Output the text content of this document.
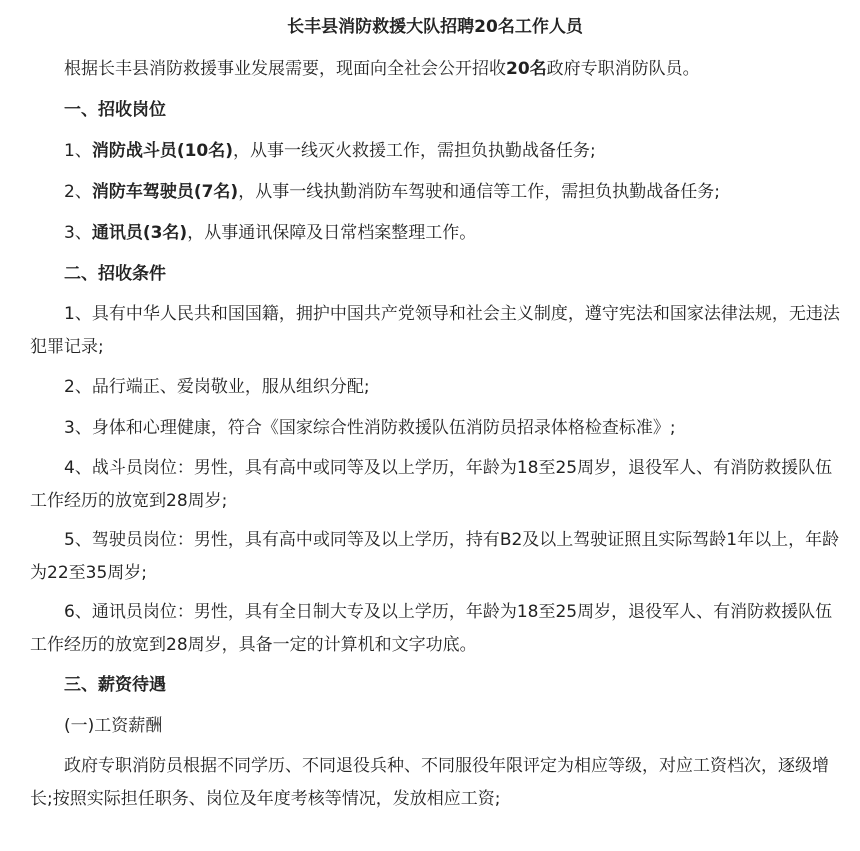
长丰县消防救援大队招聘20名工作人员

根据长丰县消防救援事业发展需要，现面向全社会公开招收20名政府专职消防队员。

一、招收岗位

1、消防战斗员(10名)，从事一线灭火救援工作，需担负执勤战备任务;

2、消防车驾驶员(7名)，从事一线执勤消防车驾驶和通信等工作，需担负执勤战备任务;

3、通讯员(3名)，从事通讯保障及日常档案整理工作。

二、招收条件

1、具有中华人民共和国国籍，拥护中国共产党领导和社会主义制度，遵守宪法和国家法律法规，无违法犯罪记录;

2、品行端正、爱岗敬业，服从组织分配;

3、身体和心理健康，符合《国家综合性消防救援队伍消防员招录体格检查标准》;

4、战斗员岗位：男性，具有高中或同等及以上学历，年龄为18至25周岁，退役军人、有消防救援队伍工作经历的放宽到28周岁;

5、驾驶员岗位：男性，具有高中或同等及以上学历，持有B2及以上驾驶证照且实际驾龄1年以上，年龄为22至35周岁;

6、通讯员岗位：男性，具有全日制大专及以上学历，年龄为18至25周岁，退役军人、有消防救援队伍工作经历的放宽到28周岁，具备一定的计算机和文字功底。

三、薪资待遇

(一)工资薪酬

政府专职消防员根据不同学历、不同退役兵种、不同服役年限评定为相应等级，对应工资档次，逐级增长;按照实际担任职务、岗位及年度考核等情况，发放相应工资;
